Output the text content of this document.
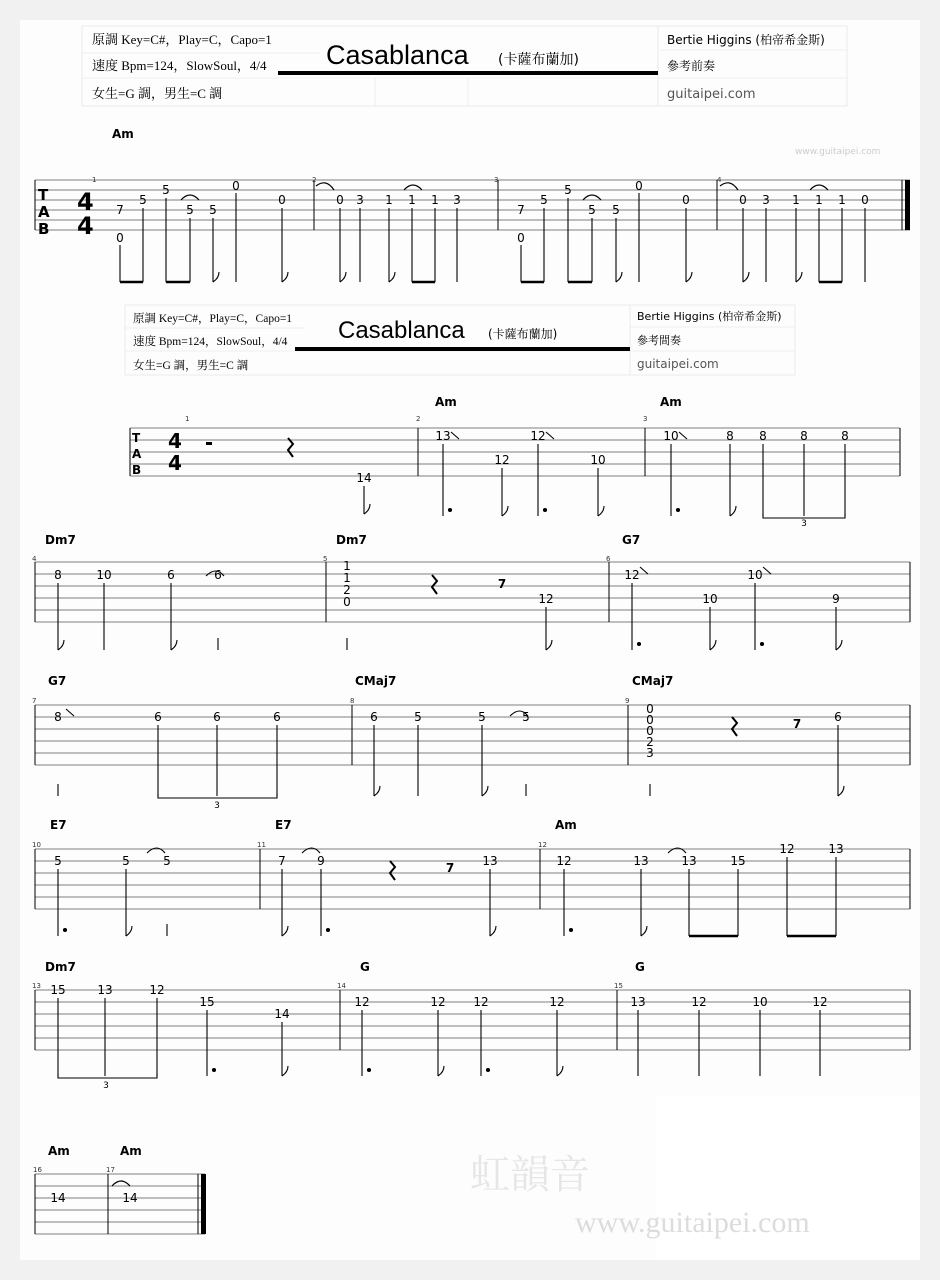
原調 Key=C#，Play=C，Capo=1
速度 Bpm=124，SlowSoul，4/4
女生=G 調，男生=C 調
Casablanca (卡薩布蘭加)
Bertie Higgins (柏帝希金斯)
參考前奏
guitaipei.com
T
A
B
4
4
Am
1	2	3	4
7
0
5
5
5 5
0
0	0 3 1 1 1 3
7
0
5
5
5 5
0
0	0 3 1 1 1 0
原調 Key=C#，Play=C，Capo=1
速度 Bpm=124，SlowSoul，4/4
女生=G 調，男生=C 調
Casablanca (卡薩布蘭加)
Bertie Higgins (柏帝希金斯)
參考間奏
guitaipei.com
T
A
B
4
4
Am	Am
1	2	3
14
13
12
12
10
10	8 8	8	8
3
Dm7	Dm7	G7
4	5	6
8	10	6	6
1
1
2
0
7
12
12
10
10
9
G7	CMaj7	CMaj7
7	8	9
8	6	6	6	6	5	5	5
0
0
0
2
3
7	6
3
E7	E7	Am
10	11	12
5	5	5	7	9	7 13	12	13	13	15
12	13
Dm7	G	G
13	14	15
15	13	12
15
14
12	12 12	12	13	12	10	12
3
Am	Am
16	17
14	14
www.guitaipei.com
虹韻音
www.guitaipei.com
